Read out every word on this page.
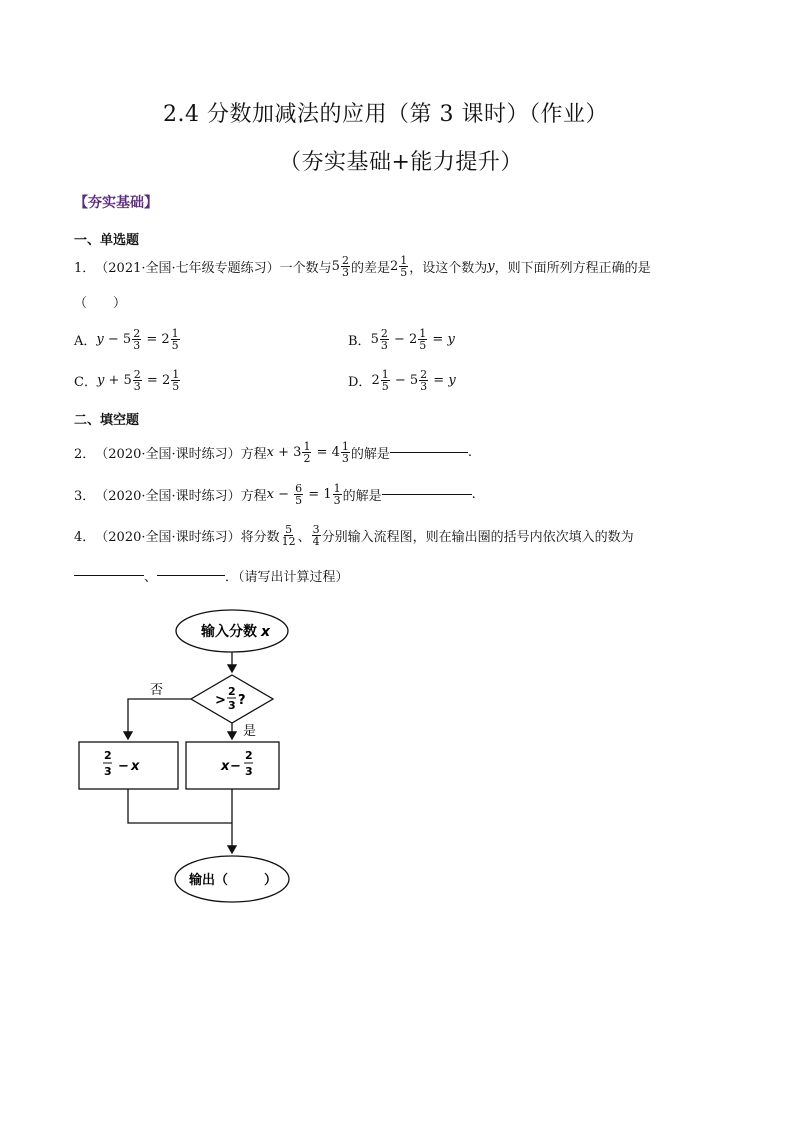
2.4 分数加减法的应用（第 3 课时）（作业）
（夯实基础+能力提升）
【夯实基础】
一、单选题
1． （2021·全国·七年级专题练习） 一个数与 $5 \frac{2}{3}$ 的差是 $2 \frac{1}{5}$ ，设这个数为 y ，则下面所列方程正确的是
（　　）
A． $y - 5 \frac{2}{3} = 2 \frac{1}{5}$	B． $5 \frac{2}{3} - 2 \frac{1}{5} = y$
C． $y + 5 \frac{2}{3} = 2 \frac{1}{5}$	D． $2 \frac{1}{5} - 5 \frac{2}{3} = y$
二、填空题
2． （2020·全国·课时练习） 方程 $x + 3 \frac{1}{2} = 4 \frac{1}{3}$ 的解是	.
3． （2020·全国·课时练习） 方程 $x - \frac{6}{5} = 1 \frac{1}{3}$ 的解是	.
4． （2020·全国·课时练习） 将分数 $\frac{5}{12}$ 、 $\frac{3}{4}$ 分别输入流程图，则在输出圈的括号内依次填入的数为
、	．（请写出计算过程）
输入分数 x
否
是
>
2
3 ?
2
3 − x	x −
2
3
输出（	）
